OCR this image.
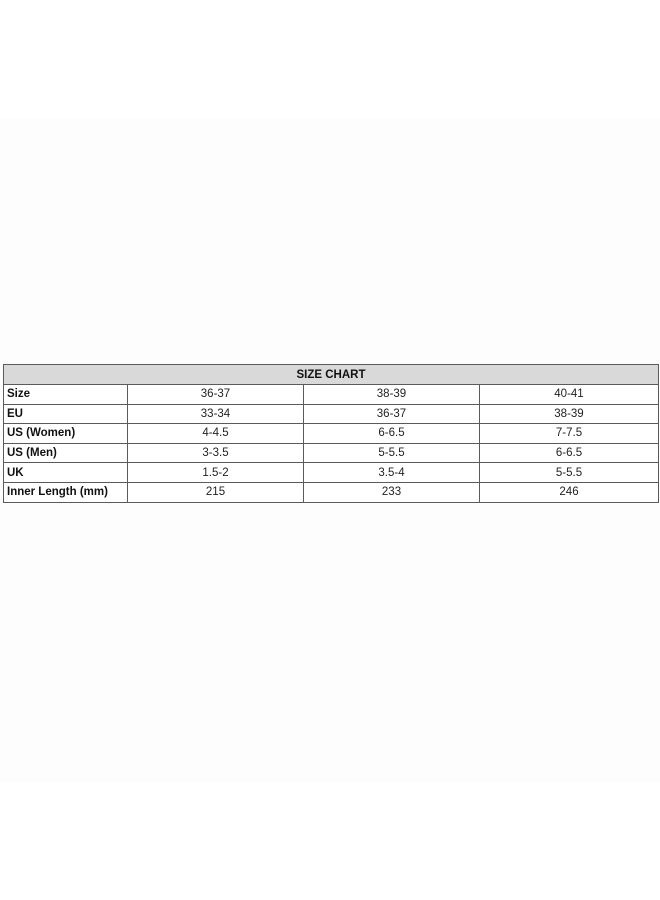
SIZE CHART			
Size	36-37	38-39	40-41
EU	33-34	36-37	38-39
US (Women)	4-4.5	6-6.5	7-7.5
US (Men)	3-3.5	5-5.5	6-6.5
UK	1.5-2	3.5-4	5-5.5
Inner Length (mm)	215	233	246
